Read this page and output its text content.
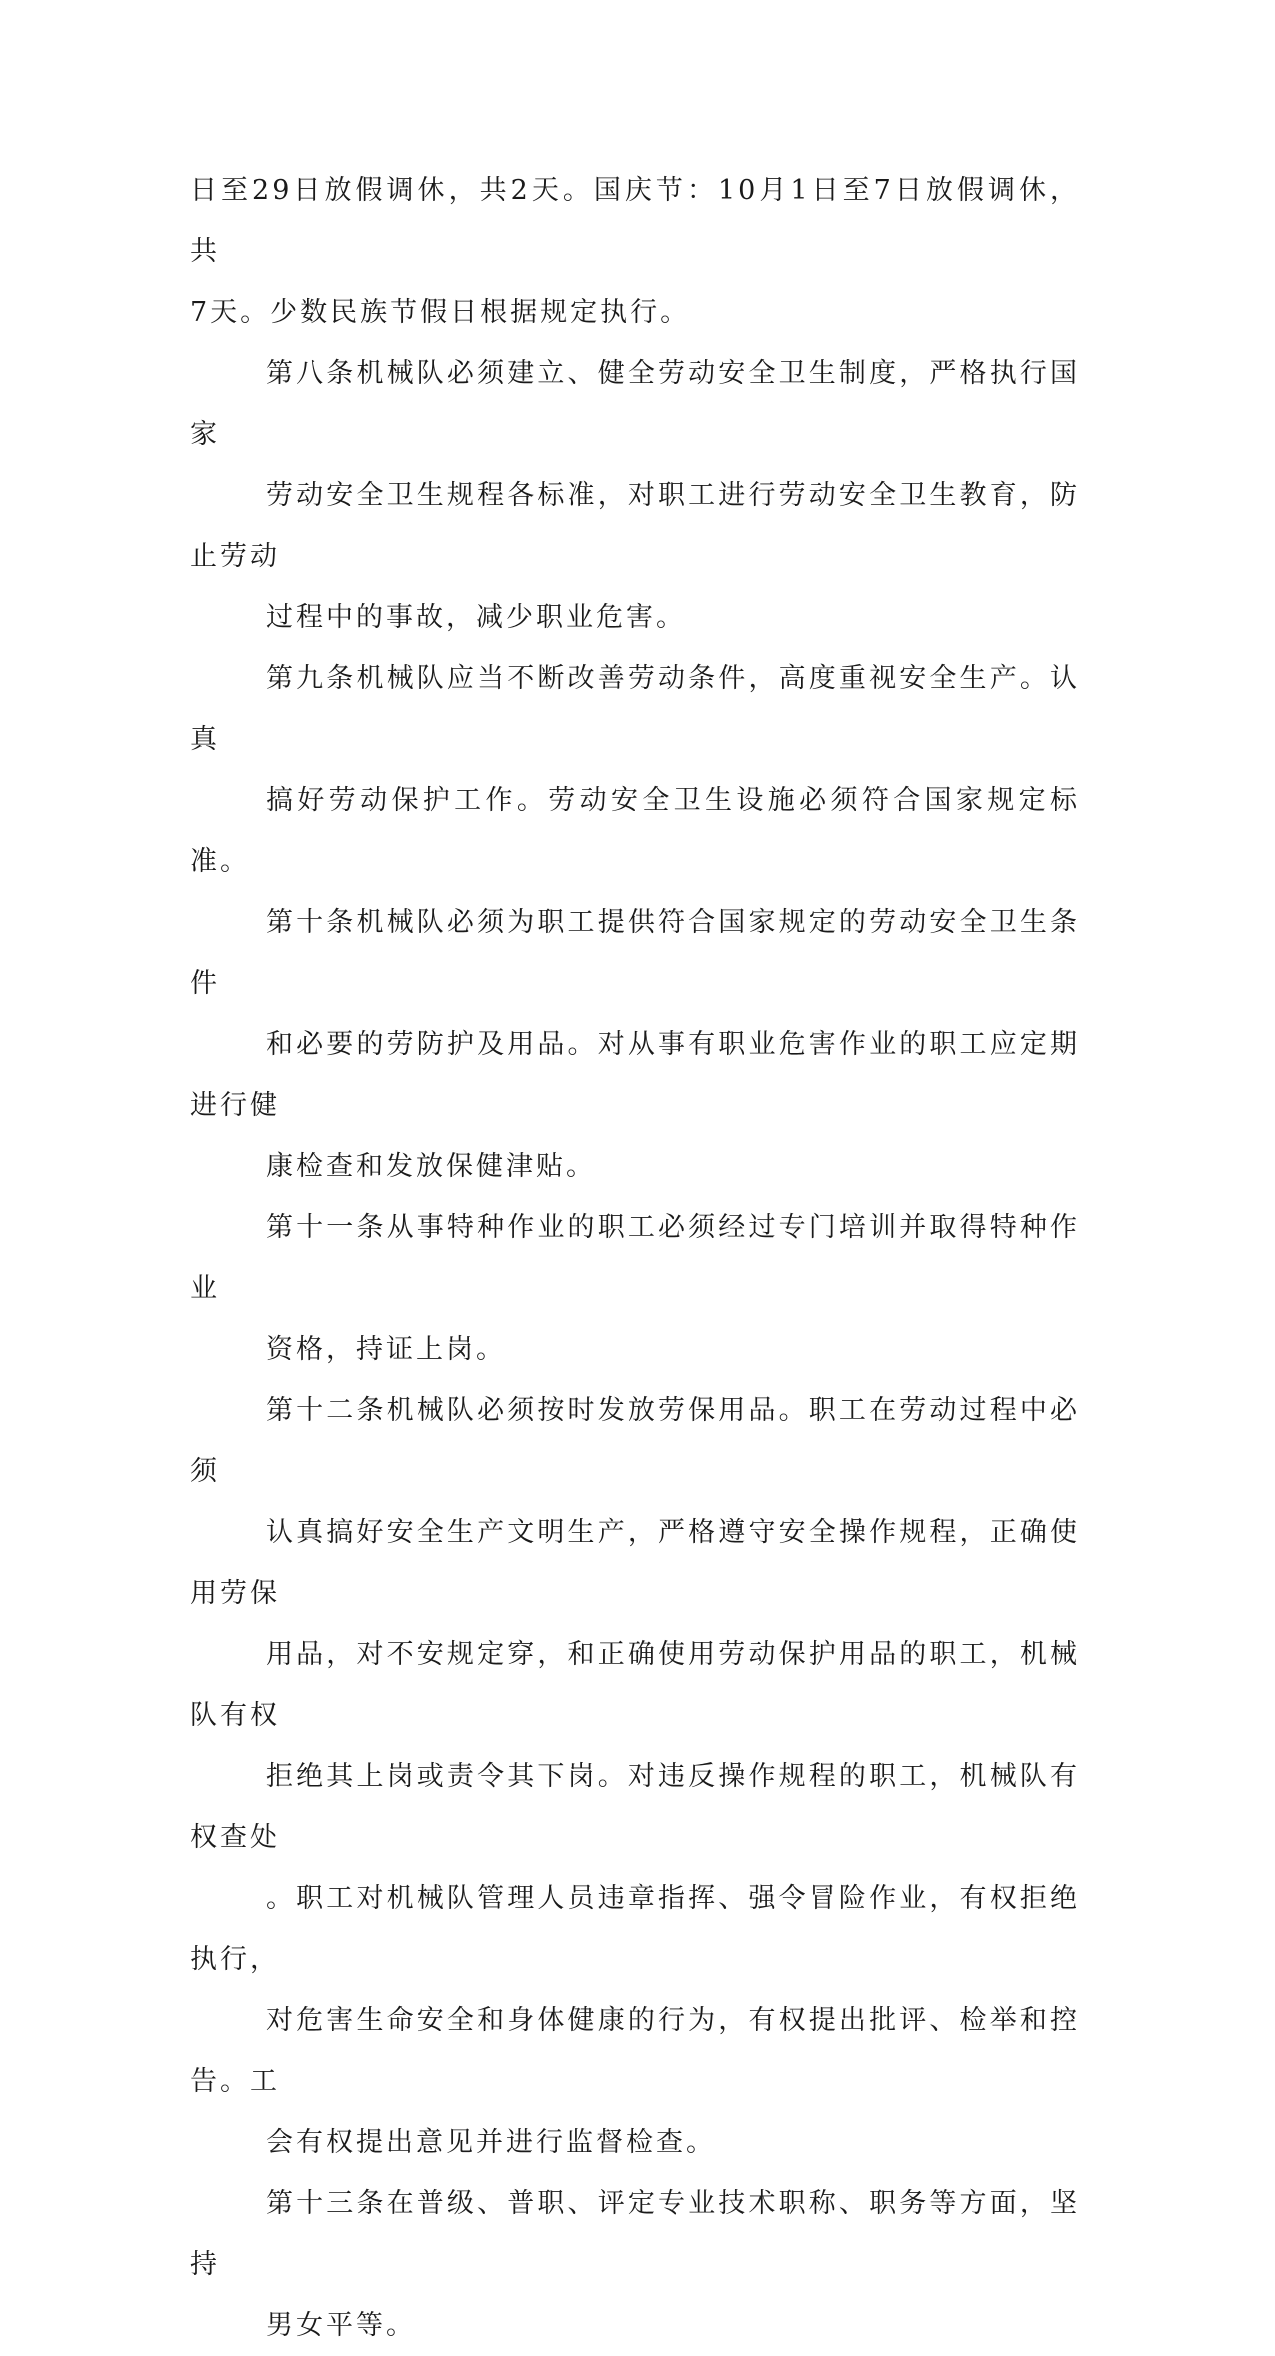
日至29日放假调休，共2天。国庆节：10月1日至7日放假调休，共
7天。少数民族节假日根据规定执行。
第八条机械队必须建立、健全劳动安全卫生制度，严格执行国家
劳动安全卫生规程各标准，对职工进行劳动安全卫生教育，防止劳动
过程中的事故，减少职业危害。
第九条机械队应当不断改善劳动条件，高度重视安全生产。认真
搞好劳动保护工作。劳动安全卫生设施必须符合国家规定标准。
第十条机械队必须为职工提供符合国家规定的劳动安全卫生条件
和必要的劳防护及用品。对从事有职业危害作业的职工应定期进行健
康检查和发放保健津贴。
第十一条从事特种作业的职工必须经过专门培训并取得特种作业
资格，持证上岗。
第十二条机械队必须按时发放劳保用品。职工在劳动过程中必须
认真搞好安全生产文明生产，严格遵守安全操作规程，正确使用劳保
用品，对不安规定穿，和正确使用劳动保护用品的职工，机械队有权
拒绝其上岗或责令其下岗。对违反操作规程的职工，机械队有权查处
。职工对机械队管理人员违章指挥、强令冒险作业，有权拒绝执行，
对危害生命安全和身体健康的行为，有权提出批评、检举和控告。工
会有权提出意见并进行监督检查。
第十三条在普级、普职、评定专业技术职称、职务等方面，坚持
男女平等。
